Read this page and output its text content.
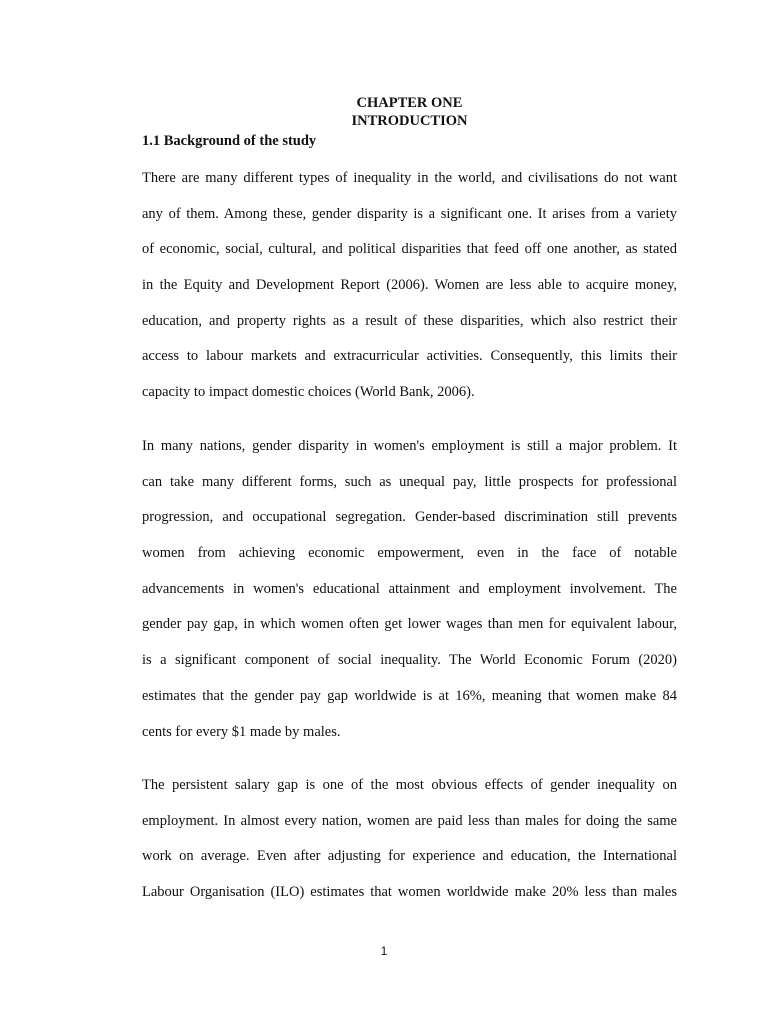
CHAPTER ONE
INTRODUCTION
1.1 Background of the study
There are many different types of inequality in the world, and civilisations do not want
any of them. Among these, gender disparity is a significant one. It arises from a variety
of economic, social, cultural, and political disparities that feed off one another, as stated
in the Equity and Development Report (2006). Women are less able to acquire money,
education, and property rights as a result of these disparities, which also restrict their
access to labour markets and extracurricular activities. Consequently, this limits their
capacity to impact domestic choices (World Bank, 2006).
In many nations, gender disparity in women's employment is still a major problem. It
can take many different forms, such as unequal pay, little prospects for professional
progression, and occupational segregation. Gender-based discrimination still prevents
women from achieving economic empowerment, even in the face of notable
advancements in women's educational attainment and employment involvement. The
gender pay gap, in which women often get lower wages than men for equivalent labour,
is a significant component of social inequality. The World Economic Forum (2020)
estimates that the gender pay gap worldwide is at 16%, meaning that women make 84
cents for every $1 made by males.
The persistent salary gap is one of the most obvious effects of gender inequality on
employment. In almost every nation, women are paid less than males for doing the same
work on average. Even after adjusting for experience and education, the International
Labour Organisation (ILO) estimates that women worldwide make 20% less than males
1
